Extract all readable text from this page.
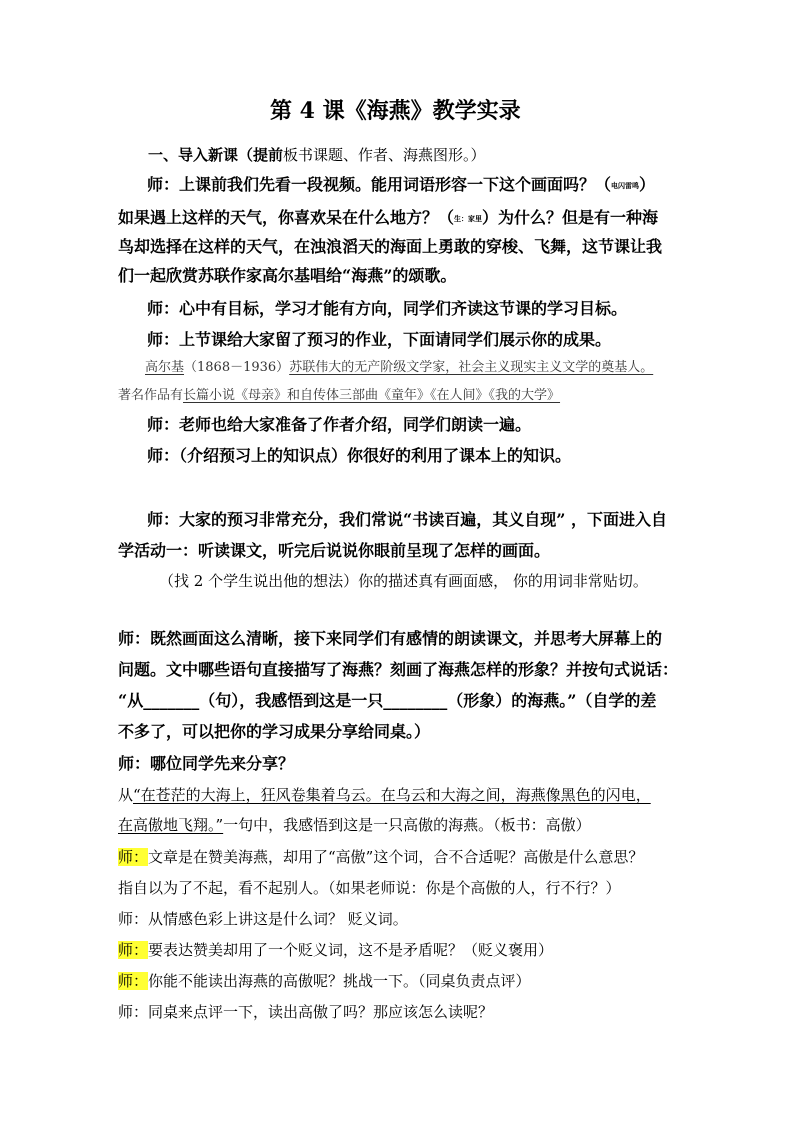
第 4 课《海燕》教学实录
一、导入新课（提前板书课题、作者、海燕图形。）
师：上课前我们先看一段视频。能用词语形容一下这个画面吗？（电闪雷鸣）
如果遇上这样的天气，你喜欢呆在什么地方？（生：家里）为什么？但是有一种海
鸟却选择在这样的天气，在浊浪滔天的海面上勇敢的穿梭、飞舞，这节课让我
们一起欣赏苏联作家高尔基唱给“海燕”的颂歌。
师：心中有目标，学习才能有方向，同学们齐读这节课的学习目标。
师：上节课给大家留了预习的作业，下面请同学们展示你的成果。
高尔基（1868－1936）苏联伟大的无产阶级文学家，社会主义现实主义文学的奠基人。
著名作品有长篇小说《母亲》和自传体三部曲《童年》《在人间》《我的大学》
师：老师也给大家准备了作者介绍，同学们朗读一遍。
师：（介绍预习上的知识点）你很好的利用了课本上的知识。
师：大家的预习非常充分，我们常说“书读百遍，其义自现” ，下面进入自
学活动一：听读课文，听完后说说你眼前呈现了怎样的画面。
（找 2 个学生说出他的想法）你的描述真有画面感， 你的用词非常贴切。
师：既然画面这么清晰，接下来同学们有感情的朗读课文，并思考大屏幕上的
问题。文中哪些语句直接描写了海燕？刻画了海燕怎样的形象？并按句式说话：
“从_______（句），我感悟到这是一只________（形象）的海燕。”（自学的差
不多了，可以把你的学习成果分享给同桌。）
师：哪位同学先来分享？
从“在苍茫的大海上，狂风卷集着乌云。在乌云和大海之间，海燕像黑色的闪电，
在高傲地飞翔。”一句中，我感悟到这是一只高傲的海燕。（板书：高傲）
师：文章是在赞美海燕，却用了“高傲”这个词，合不合适呢？高傲是什么意思？
指自以为了不起，看不起别人。（如果老师说：你是个高傲的人，行不行？）
师：从情感色彩上讲这是什么词？ 贬义词。
师：要表达赞美却用了一个贬义词，这不是矛盾呢？（贬义褒用）
师：你能不能读出海燕的高傲呢？挑战一下。（同桌负责点评）
师：同桌来点评一下，读出高傲了吗？那应该怎么读呢？
